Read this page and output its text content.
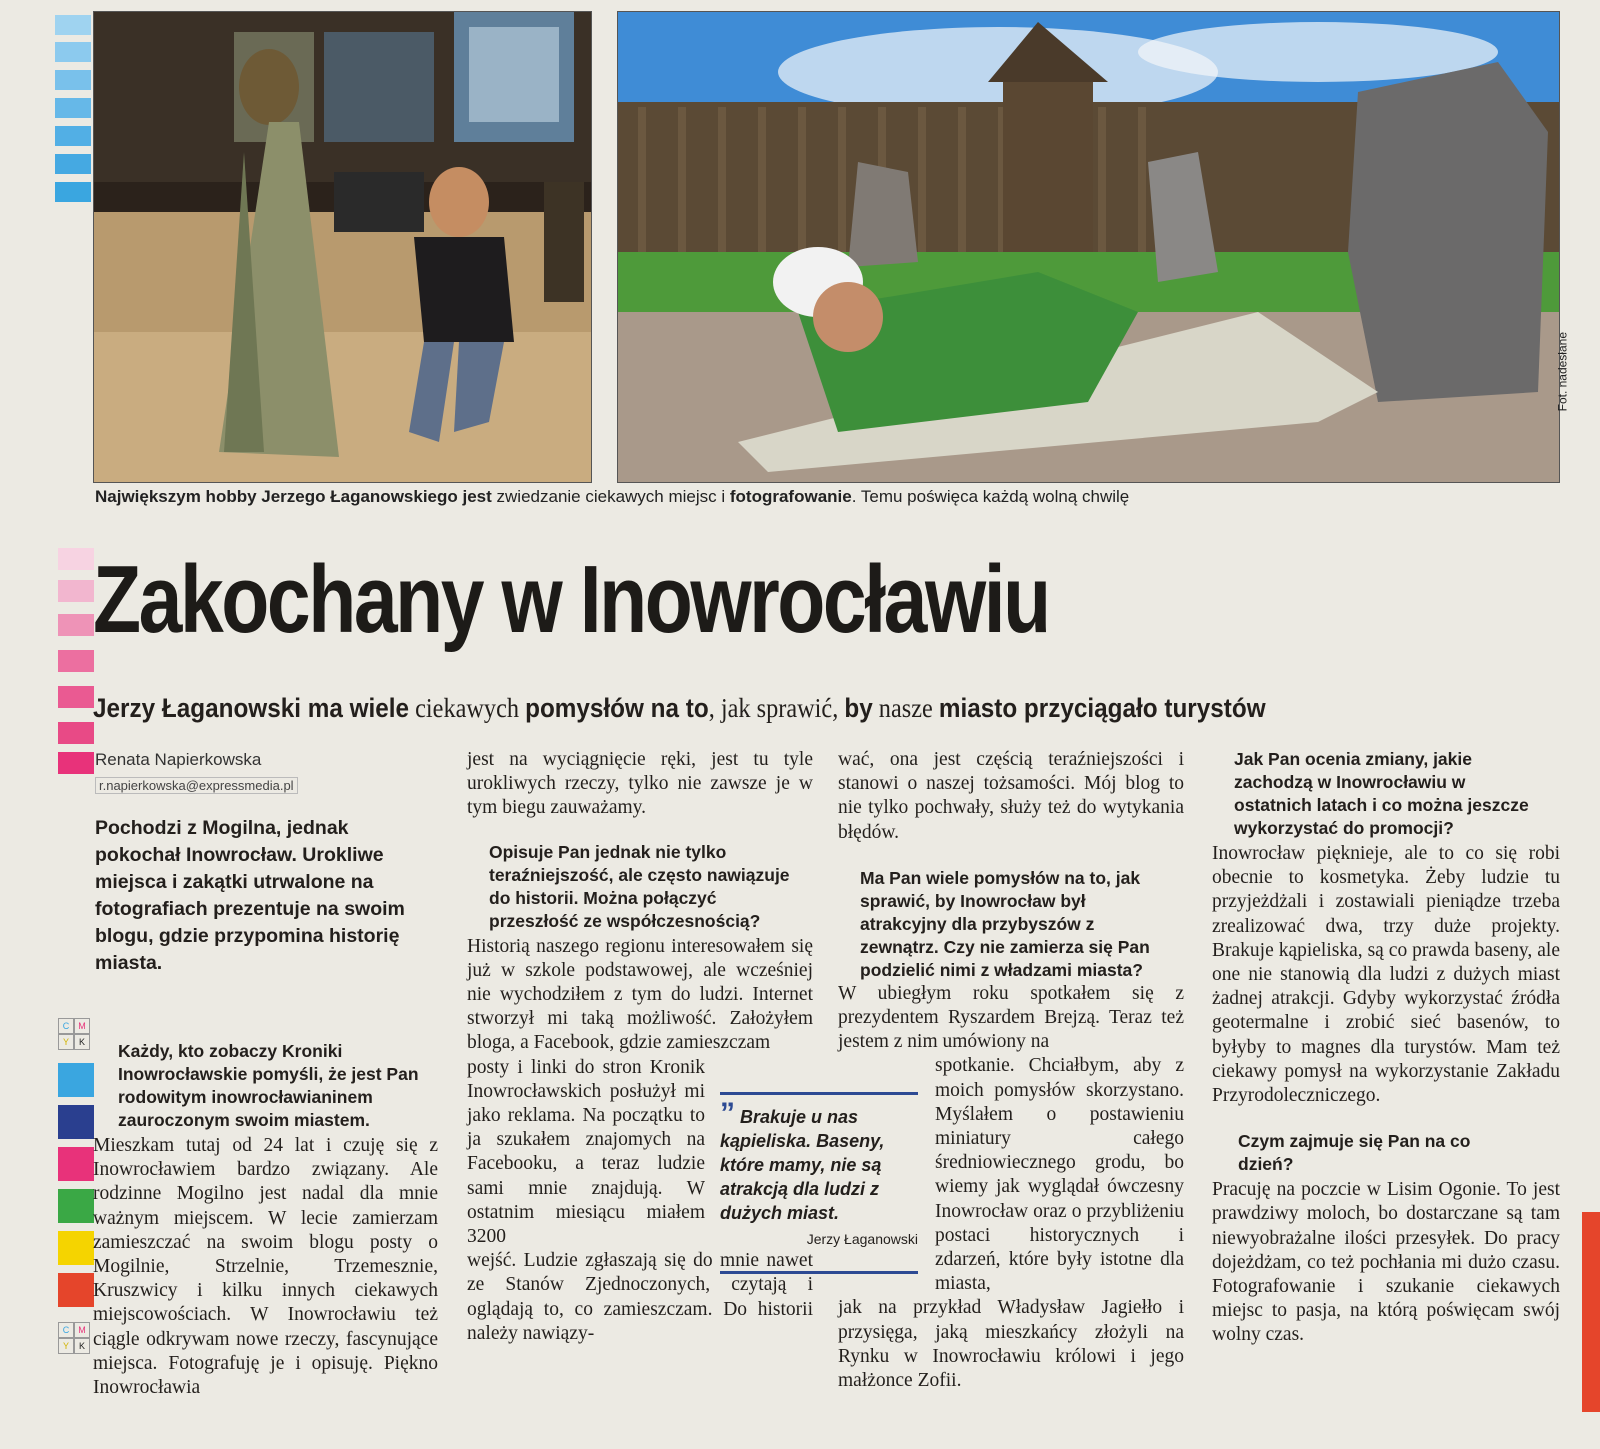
Fot. nadesłane
Największym hobby Jerzego Łaganowskiego jest zwiedzanie ciekawych miejsc i fotografowanie. Temu poświęca każdą wolną chwilę
Zakochany w Inowrocławiu
Jerzy Łaganowski ma wiele ciekawych pomysłów na to, jak sprawić, by nasze miasto przyciągało turystów
Renata Napierkowska
r.napierkowska@expressmedia.pl
Pochodzi z Mogilna, jednak pokochał Inowrocław. Urokliwe miejsca i zakątki utrwalone na fotografiach prezentuje na swoim blogu, gdzie przypomina historię miasta.
C	M
Y	K
C	M
Y	K

Każdy, kto zobaczy Kroniki Inowrocławskie pomyśli, że jest Pan rodowitym inowrocławianinem zauroczonym swoim miastem.

Mieszkam tutaj od 24 lat i czuję się z Inowrocławiem bardzo związany. Ale rodzinne Mogilno jest nadal dla mnie ważnym miejscem. W lecie zamierzam zamieszczać na swoim blogu posty o Mogilnie, Strzelnie, Trzemesznie, Kruszwicy i kilku innych ciekawych miejscowościach. W Inowrocławiu też ciągle odkrywam nowe rzeczy, fascynujące miejsca. Fotografuję je i opisuję. Piękno Inowrocławia

jest na wyciągnięcie ręki, jest tu tyle urokliwych rzeczy, tylko nie zawsze je w tym biegu zauważamy.

Opisuje Pan jednak nie tylko teraźniejszość, ale często nawiązuje do historii. Można połączyć przeszłość ze współczesnością?

Historią naszego regionu interesowałem się już w szkole podstawowej, ale wcześniej nie wychodziłem z tym do ludzi. Internet stworzył mi taką możliwość. Założyłem bloga, a Facebook, gdzie zamieszczam

posty i linki do stron Kronik Inowrocławskich posłużył mi jako reklama. Na początku to ja szukałem znajomych na Facebooku, a teraz ludzie sami mnie znajdują. W ostatnim miesiącu miałem 3200

wejść. Ludzie zgłaszają się do mnie nawet ze Stanów Zjednoczonych, czytają i oglądają to, co zamieszczam. Do historii należy nawiązy-

” Brakuje u nas kąpieliska. Baseny, które mamy, nie są atrakcją dla ludzi z dużych miast.
Jerzy Łaganowski

wać, ona jest częścią teraźniejszości i stanowi o naszej tożsamości. Mój blog to nie tylko pochwały, służy też do wytykania błędów.

Ma Pan wiele pomysłów na to, jak sprawić, by Inowrocław był atrakcyjny dla przybyszów z zewnątrz. Czy nie zamierza się Pan podzielić nimi z władzami miasta?

W ubiegłym roku spotkałem się z prezydentem Ryszardem Brejzą. Teraz też jestem z nim umówiony na

spotkanie. Chciałbym, aby z moich pomysłów skorzystano. Myślałem o postawieniu miniatury całego średniowiecznego grodu, bo wiemy jak wyglądał ówczesny Inowrocław oraz o przybliżeniu postaci historycznych i zdarzeń, które były istotne dla miasta,

jak na przykład Władysław Jagiełło i przysięga, jaką mieszkańcy złożyli na Rynku w Inowrocławiu królowi i jego małżonce Zofii.

Jak Pan ocenia zmiany, jakie zachodzą w Inowrocławiu w ostatnich latach i co można jeszcze wykorzystać do promocji?

Inowrocław pięknieje, ale to co się robi obecnie to kosmetyka. Żeby ludzie tu przyjeżdżali i zostawiali pieniądze trzeba zrealizować dwa, trzy duże projekty. Brakuje kąpieliska, są co prawda baseny, ale one nie stanowią dla ludzi z dużych miast żadnej atrakcji. Gdyby wykorzystać źródła geotermalne i zrobić sieć basenów, to byłyby to magnes dla turystów. Mam też ciekawy pomysł na wykorzystanie Zakładu Przyrodoleczniczego.

Czym zajmuje się Pan na co dzień?

Pracuję na poczcie w Lisim Ogonie. To jest prawdziwy moloch, bo dostarczane są tam niewyobrażalne ilości przesyłek. Do pracy dojeżdżam, co też pochłania mi dużo czasu. Fotografowanie i szukanie ciekawych miejsc to pasja, na którą poświęcam swój wolny czas.
